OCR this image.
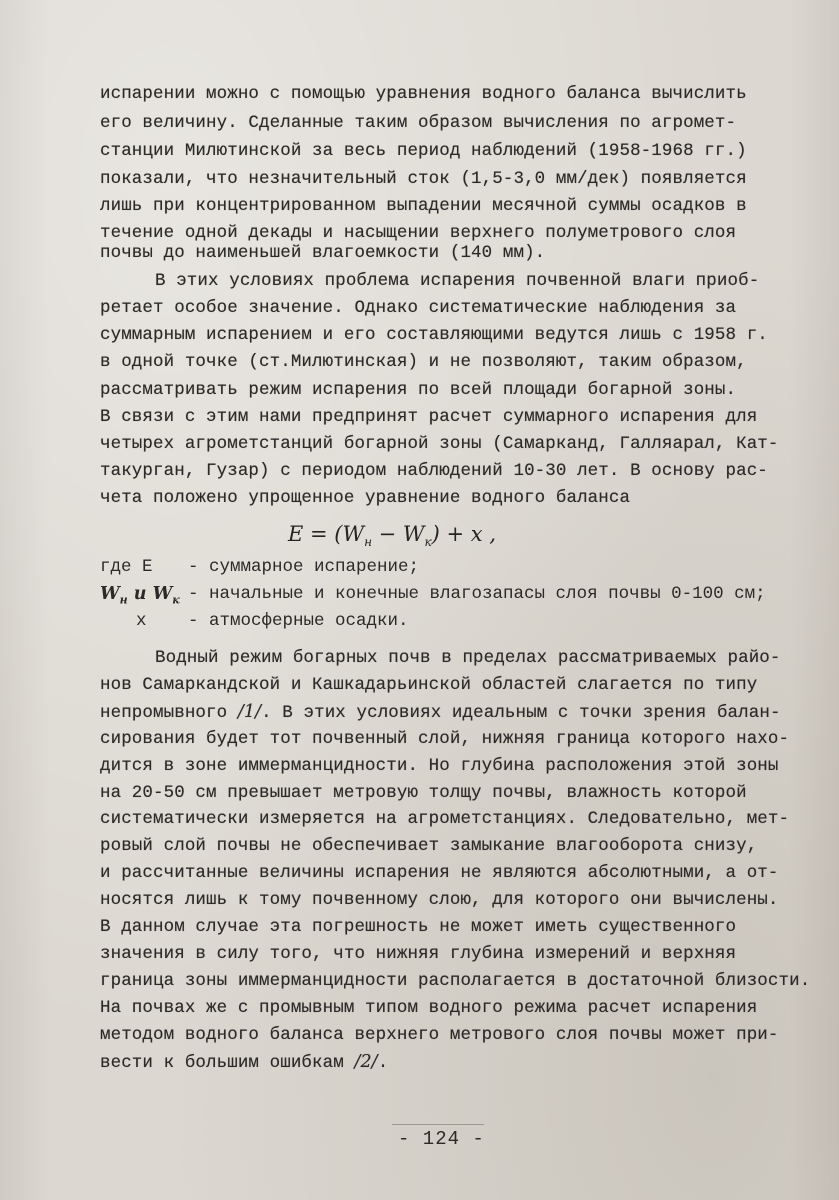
испарении можно с помощью уравнения водного баланса вычислить
его величину. Сделанные таким образом вычисления по агромет-
станции Милютинской за весь период наблюдений (1958-1968 гг.)
показали, что незначительный сток (1,5-3,0 мм/дек) появляется
лишь при концентрированном выпадении месячной суммы осадков в
течение одной декады и насыщении верхнего полуметрового слоя
почвы до наименьшей влагоемкости (140 мм).
В этих условиях проблема испарения почвенной влаги приоб-
ретает особое значение. Однако систематические наблюдения за
суммарным испарением и его составляющими ведутся лишь с 1958 г.
в одной точке (ст.Милютинская) и не позволяют, таким образом,
рассматривать режим испарения по всей площади богарной зоны.
В связи с этим нами предпринят расчет суммарного испарения для
четырех агрометстанций богарной зоны (Самарканд, Галляарал, Кат-
такурган, Гузар) с периодом наблюдений 10-30 лет. В основу рас-
чета положено упрощенное уравнение водного баланса
$E = (W_н - W_к) + x$ ,
где E - суммарное испарение;
$W_н$ и $W_к$ - начальные и конечные влагозапасы слоя почвы 0-100 см;
x - атмосферные осадки.
Водный режим богарных почв в пределах рассматриваемых райо-
нов Самаркандской и Кашкадарьинской областей слагается по типу
непромывного /1/. В этих условиях идеальным с точки зрения балан-
сирования будет тот почвенный слой, нижняя граница которого нахо-
дится в зоне иммерманцидности. Но глубина расположения этой зоны
на 20-50 см превышает метровую толщу почвы, влажность которой
систематически измеряется на агрометстанциях. Следовательно, мет-
ровый слой почвы не обеспечивает замыкание влагооборота снизу,
и рассчитанные величины испарения не являются абсолютными, а от-
носятся лишь к тому почвенному слою, для которого они вычислены.
В данном случае эта погрешность не может иметь существенного
значения в силу того, что нижняя глубина измерений и верхняя
граница зоны иммерманцидности располагается в достаточной близости.
На почвах же с промывным типом водного режима расчет испарения
методом водного баланса верхнего метрового слоя почвы может при-
вести к большим ошибкам /2/.
- 124 -
